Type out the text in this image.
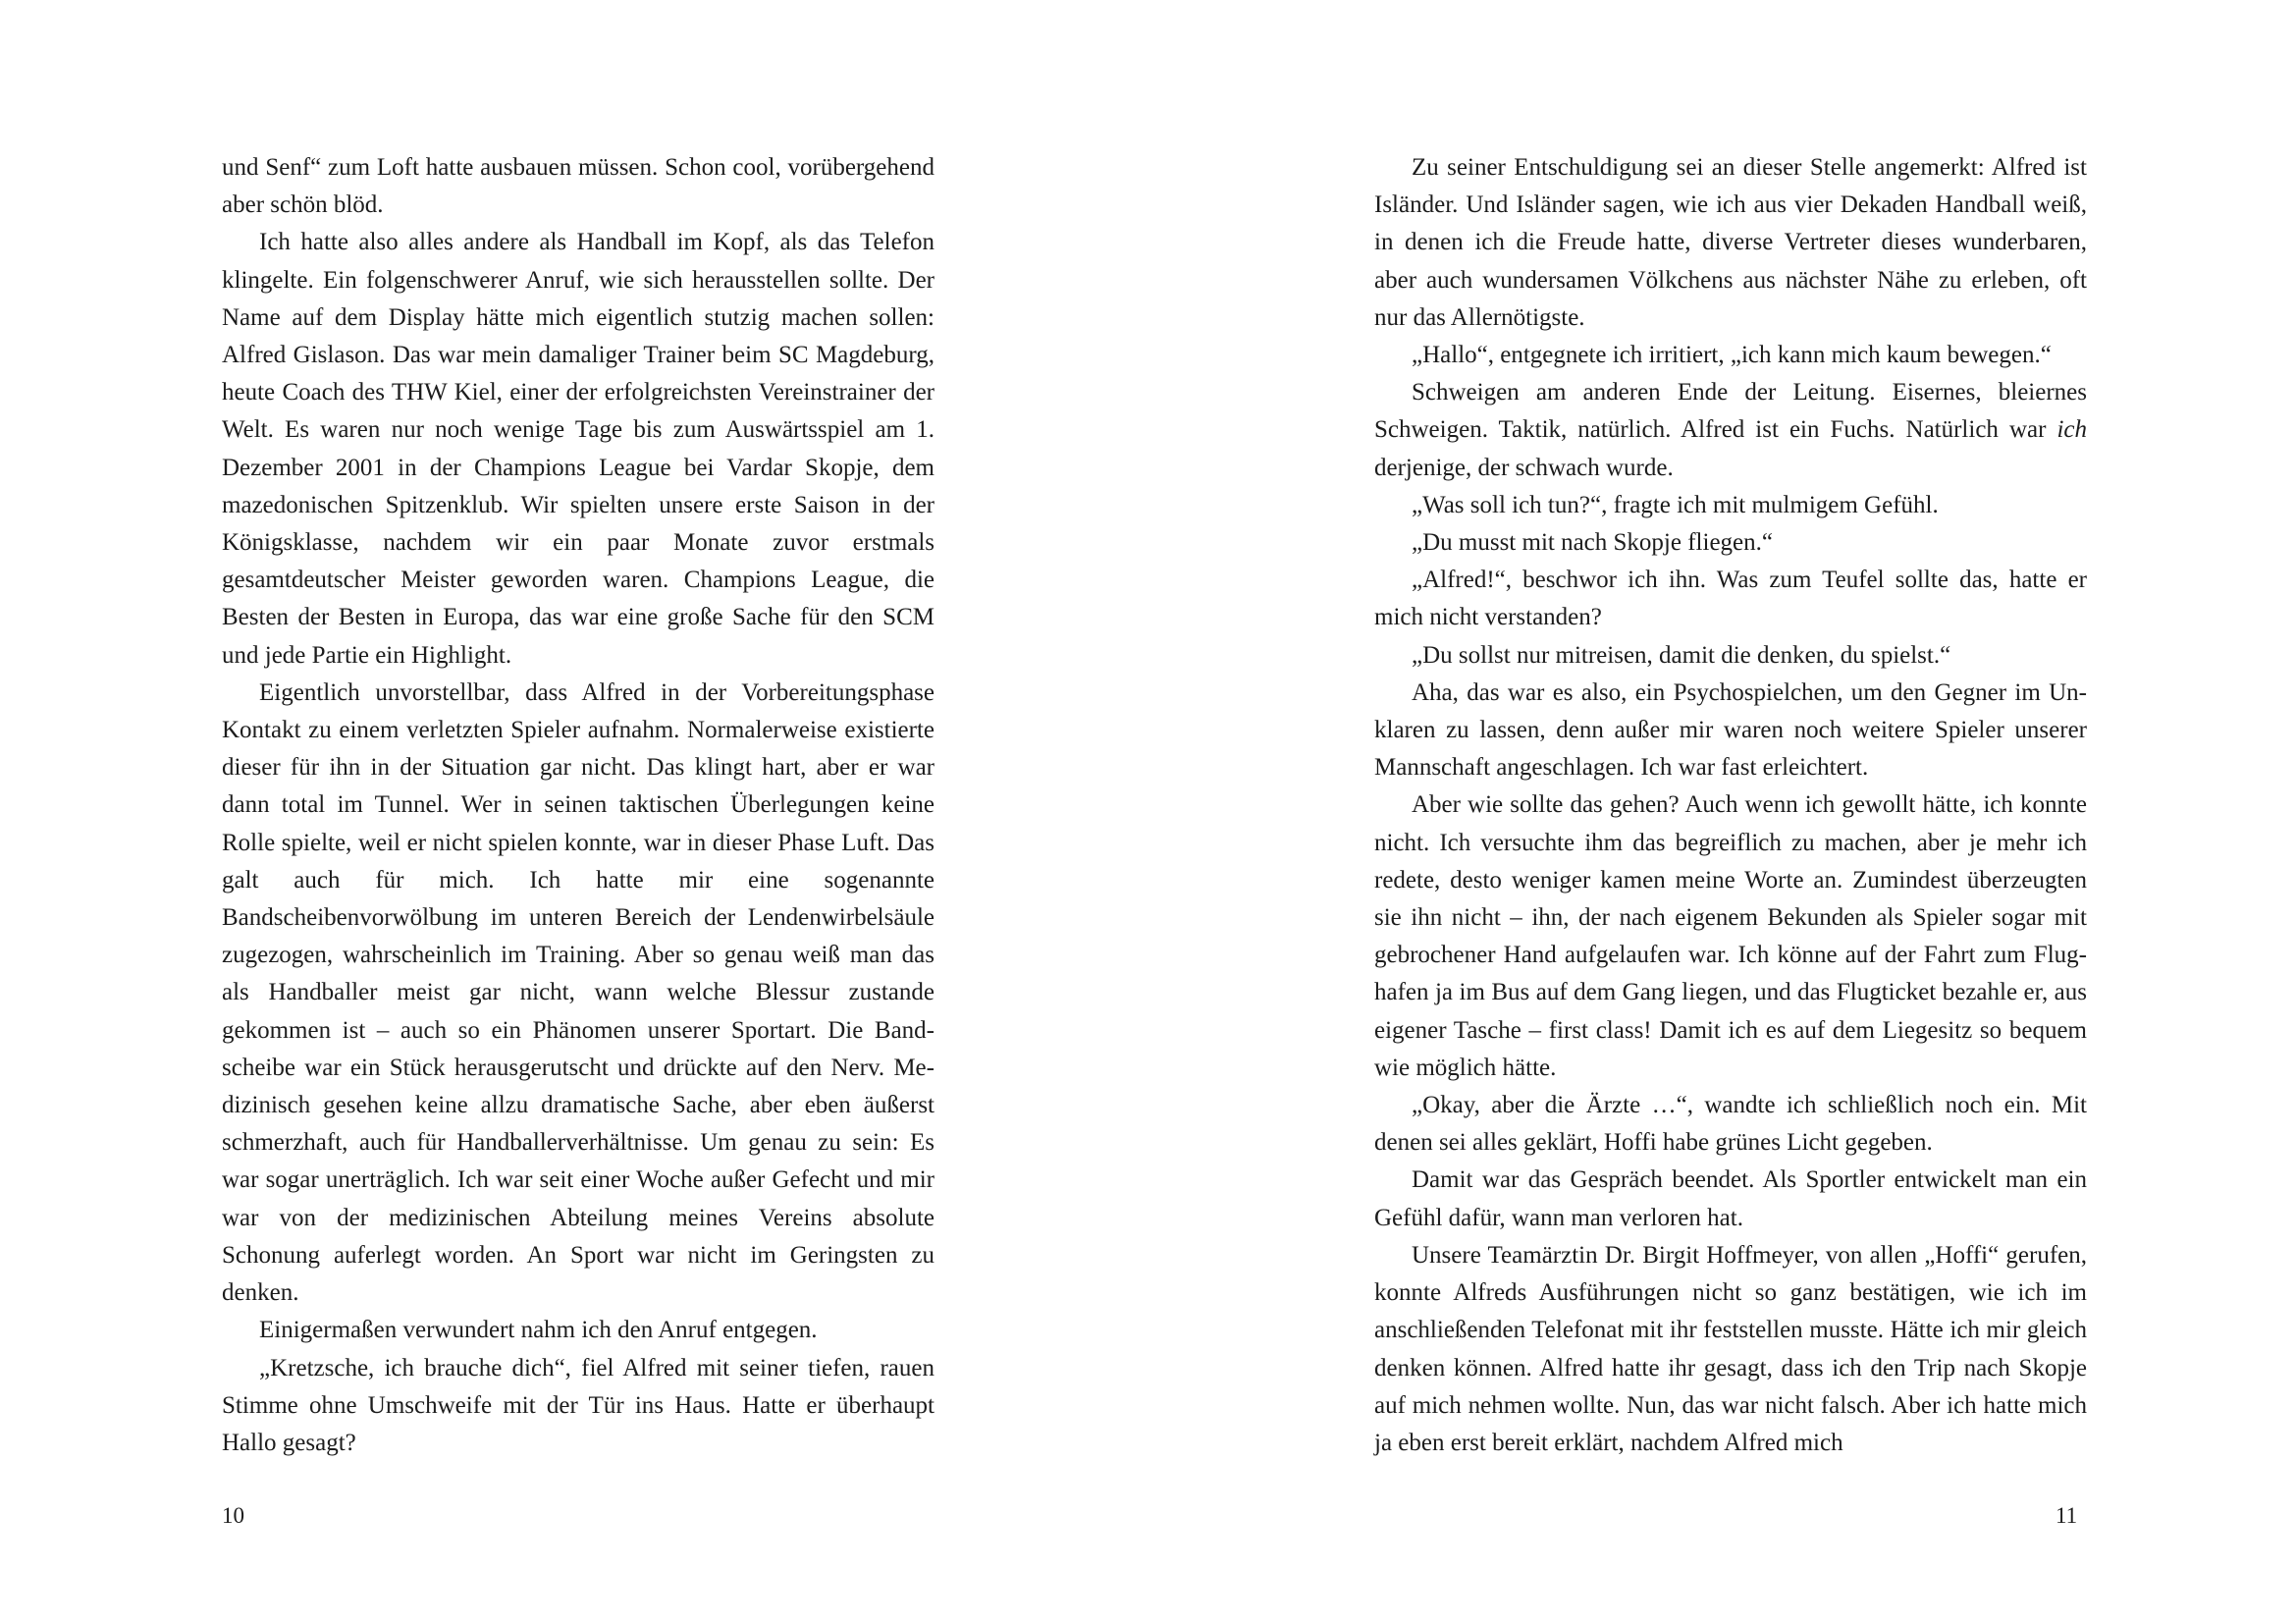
und Senf“ zum Loft hatte ausbauen müssen. Schon cool, vorübergehend aber schön blöd.

Ich hatte also alles andere als Handball im Kopf, als das Telefon klingelte. Ein folgenschwerer Anruf, wie sich herausstellen sollte. Der Name auf dem Display hätte mich eigentlich stutzig machen sollen: Alfred Gislason. Das war mein damaliger Trainer beim SC Magdeburg, heute Coach des THW Kiel, einer der erfolgreichsten Vereinstrainer der Welt. Es waren nur noch wenige Tage bis zum Auswärtsspiel am 1. Dezember 2001 in der Champions League bei Vardar Skopje, dem mazedonischen Spitzenklub. Wir spielten unsere erste Saison in der Königsklasse, nachdem wir ein paar Monate zuvor erstmals gesamtdeutscher Meister geworden waren. Champions League, die Besten der Besten in Europa, das war eine große Sache für den SCM und jede Partie ein Highlight.

Eigentlich unvorstellbar, dass Alfred in der Vorbereitungsphase Kontakt zu einem verletzten Spieler aufnahm. Normalerweise existierte dieser für ihn in der Situation gar nicht. Das klingt hart, aber er war dann total im Tunnel. Wer in seinen taktischen Überlegungen keine Rolle spielte, weil er nicht spielen konnte, war in dieser Phase Luft. Das galt auch für mich. Ich hatte mir eine sogenannte Bandscheibenvorwölbung im unteren Bereich der Lendenwirbelsäule zugezogen, wahrscheinlich im Training. Aber so genau weiß man das als Handballer meist gar nicht, wann welche Blessur zustande gekommen ist – auch so ein Phänomen unserer Sportart. Die Bandscheibe war ein Stück herausgerutscht und drückte auf den Nerv. Medizinisch gesehen keine allzu dramatische Sache, aber eben äußerst schmerzhaft, auch für Handballerverhältnisse. Um genau zu sein: Es war sogar unerträglich. Ich war seit einer Woche außer Gefecht und mir war von der medizinischen Abteilung meines Vereins absolute Schonung auferlegt worden. An Sport war nicht im Geringsten zu denken.

Einigermaßen verwundert nahm ich den Anruf entgegen.

„Kretzsche, ich brauche dich“, fiel Alfred mit seiner tiefen, rauen Stimme ohne Umschweife mit der Tür ins Haus. Hatte er überhaupt Hallo gesagt?

10

Zu seiner Entschuldigung sei an dieser Stelle angemerkt: Alfred ist Isländer. Und Isländer sagen, wie ich aus vier Dekaden Handball weiß, in denen ich die Freude hatte, diverse Vertreter dieses wunderbaren, aber auch wundersamen Völkchens aus nächster Nähe zu erleben, oft nur das Allernötigste.

„Hallo“, entgegnete ich irritiert, „ich kann mich kaum bewegen.“

Schweigen am anderen Ende der Leitung. Eisernes, bleiernes Schweigen. Taktik, natürlich. Alfred ist ein Fuchs. Natürlich war ich derjenige, der schwach wurde.

„Was soll ich tun?“, fragte ich mit mulmigem Gefühl.

„Du musst mit nach Skopje fliegen.“

„Alfred!“, beschwor ich ihn. Was zum Teufel sollte das, hatte er mich nicht verstanden?

„Du sollst nur mitreisen, damit die denken, du spielst.“

Aha, das war es also, ein Psychospielchen, um den Gegner im Unklaren zu lassen, denn außer mir waren noch weitere Spieler unserer Mannschaft angeschlagen. Ich war fast erleichtert.

Aber wie sollte das gehen? Auch wenn ich gewollt hätte, ich konnte nicht. Ich versuchte ihm das begreiflich zu machen, aber je mehr ich redete, desto weniger kamen meine Worte an. Zumindest überzeugten sie ihn nicht – ihn, der nach eigenem Bekunden als Spieler sogar mit gebrochener Hand aufgelaufen war. Ich könne auf der Fahrt zum Flughafen ja im Bus auf dem Gang liegen, und das Flugticket bezahle er, aus eigener Tasche – first class! Damit ich es auf dem Liegesitz so bequem wie möglich hätte.

„Okay, aber die Ärzte …“, wandte ich schließlich noch ein. Mit denen sei alles geklärt, Hoffi habe grünes Licht gegeben.

Damit war das Gespräch beendet. Als Sportler entwickelt man ein Gefühl dafür, wann man verloren hat.

Unsere Teamärztin Dr. Birgit Hoffmeyer, von allen „Hoffi“ gerufen, konnte Alfreds Ausführungen nicht so ganz bestätigen, wie ich im anschließenden Telefonat mit ihr feststellen musste. Hätte ich mir gleich denken können. Alfred hatte ihr gesagt, dass ich den Trip nach Skopje auf mich nehmen wollte. Nun, das war nicht falsch. Aber ich hatte mich ja eben erst bereit erklärt, nachdem Alfred mich

11
